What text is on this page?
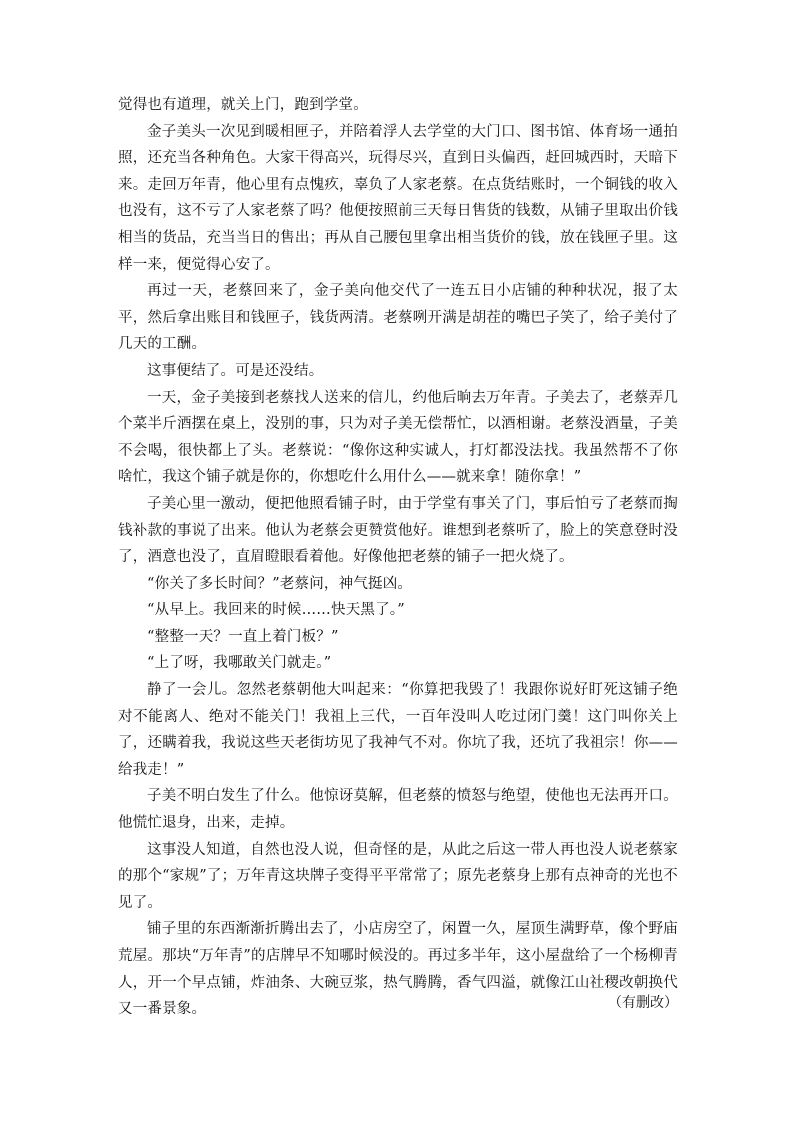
觉得也有道理，就关上门，跑到学堂。

金子美头一次见到暖相匣子，并陪着浮人去学堂的大门口、图书馆、体育场一通拍照，还充当各种角色。大家干得高兴，玩得尽兴，直到日头偏西，赶回城西时，天暗下来。走回万年青，他心里有点愧疚，辜负了人家老蔡。在点货结账时，一个铜钱的收入也没有，这不亏了人家老蔡了吗？他便按照前三天每日售货的钱数，从铺子里取出价钱相当的货品，充当当日的售出；再从自己腰包里拿出相当货价的钱，放在钱匣子里。这样一来，便觉得心安了。

再过一天，老蔡回来了，金子美向他交代了一连五日小店铺的种种状况，报了太平，然后拿出账目和钱匣子，钱货两清。老蔡咧开满是胡茬的嘴巴子笑了，给子美付了几天的工酬。

这事便结了。可是还没结。

一天，金子美接到老蔡找人送来的信儿，约他后晌去万年青。子美去了，老蔡弄几个菜半斤酒摆在桌上，没别的事，只为对子美无偿帮忙，以酒相谢。老蔡没酒量，子美不会喝，很快都上了头。老蔡说：“像你这种实诚人，打灯都没法找。我虽然帮不了你啥忙，我这个铺子就是你的，你想吃什么用什么——就来拿！随你拿！”

子美心里一激动，便把他照看铺子时，由于学堂有事关了门，事后怕亏了老蔡而掏钱补款的事说了出来。他认为老蔡会更赞赏他好。谁想到老蔡听了，脸上的笑意登时没了，酒意也没了，直眉瞪眼看着他。好像他把老蔡的铺子一把火烧了。

“你关了多长时间？”老蔡问，神气挺凶。

“从早上。我回来的时候……快天黑了。”

“整整一天？一直上着门板？”

“上了呀，我哪敢关门就走。”

静了一会儿。忽然老蔡朝他大叫起来：“你算把我毁了！我跟你说好盯死这铺子绝对不能离人、绝对不能关门！我祖上三代，一百年没叫人吃过闭门羹！这门叫你关上了，还瞒着我，我说这些天老街坊见了我神气不对。你坑了我，还坑了我祖宗！你——给我走！”

子美不明白发生了什么。他惊讶莫解，但老蔡的愤怒与绝望，使他也无法再开口。他慌忙退身，出来，走掉。

这事没人知道，自然也没人说，但奇怪的是，从此之后这一带人再也没人说老蔡家的那个“家规”了；万年青这块牌子变得平平常常了；原先老蔡身上那有点神奇的光也不见了。

铺子里的东西渐渐折腾出去了，小店房空了，闲置一久，屋顶生满野草，像个野庙荒屋。那块“万年青”的店牌早不知哪时候没的。再过多半年，这小屋盘给了一个杨柳青人，开一个早点铺，炸油条、大碗豆浆，热气腾腾，香气四溢，就像江山社稷改朝换代又一番景象。	（有删改）
